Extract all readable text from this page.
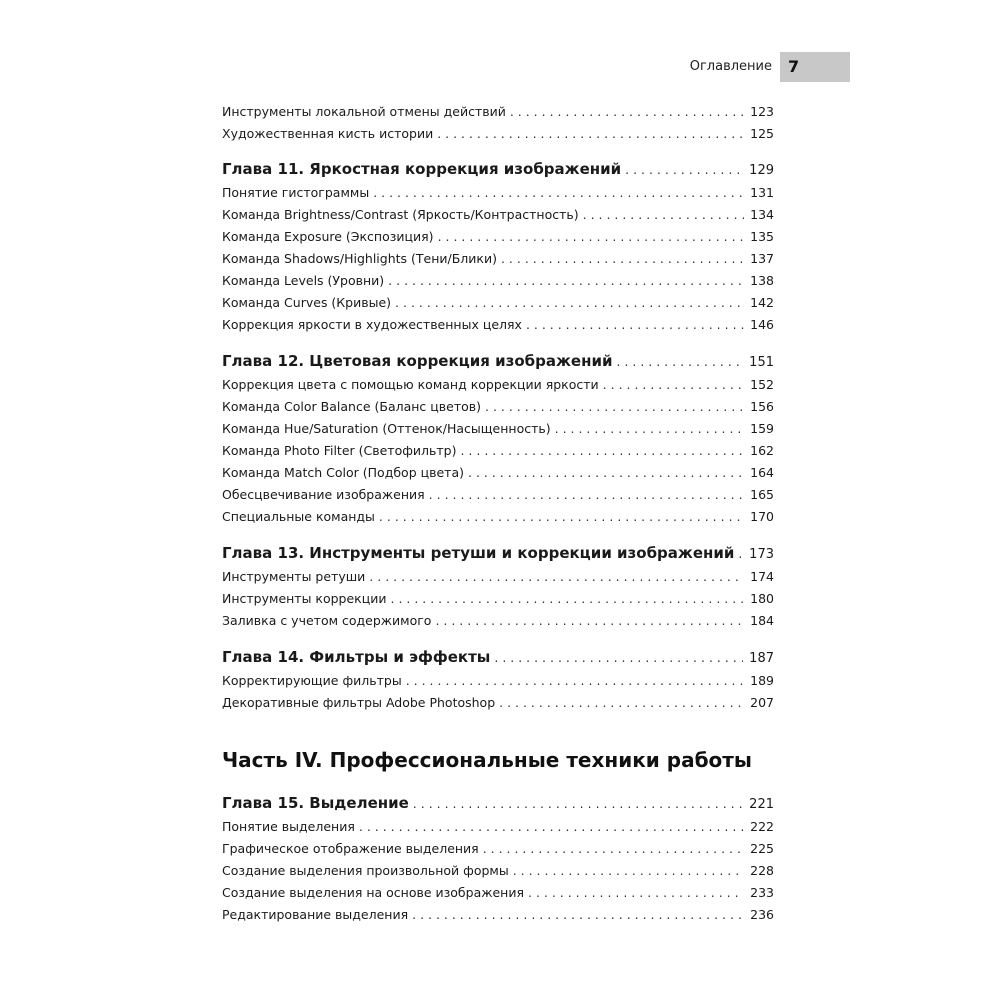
Оглавление 7
Инструменты локальной отмены действий . . .	123
Художественная кисть истории . . .	125
Глава 11. Яркостная коррекция изображений . . .	129
Понятие гистограммы . . .	131
Команда Brightness/Contrast (Яркость/Контрастность) . . .	134
Команда Exposure (Экспозиция) . . .	135
Команда Shadows/Highlights (Тени/Блики) . . .	137
Команда Levels (Уровни) . . .	138
Команда Curves (Кривые) . . .	142
Коррекция яркости в художественных целях . . .	146
Глава 12. Цветовая коррекция изображений . . .	151
Коррекция цвета с помощью команд коррекции яркости . . .	152
Команда Color Balance (Баланс цветов) . . .	156
Команда Hue/Saturation (Оттенок/Насыщенность) . . .	159
Команда Photo Filter (Светофильтр) . . .	162
Команда Match Color (Подбор цвета) . . .	164
Обесцвечивание изображения . . .	165
Специальные команды . . .	170
Глава 13. Инструменты ретуши и коррекции изображений . . .	173
Инструменты ретуши . . .	174
Инструменты коррекции . . .	180
Заливка с учетом содержимого . . .	184
Глава 14. Фильтры и эффекты . . .	187
Корректирующие фильтры . . .	189
Декоративные фильтры Adobe Photoshop . . .	207
Часть IV. Профессиональные техники работы
Глава 15. Выделение . . .	221
Понятие выделения . . .	222
Графическое отображение выделения . . .	225
Создание выделения произвольной формы . . .	228
Создание выделения на основе изображения . . .	233
Редактирование выделения . . .	236
